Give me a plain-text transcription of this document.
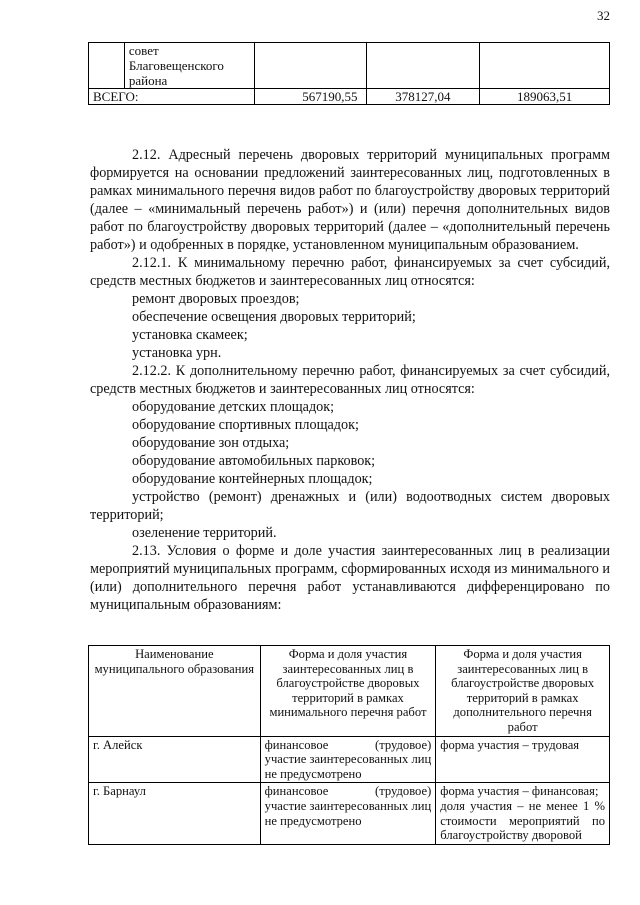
32

	совет
Благовещенского
района			

ВСЕГО:		567190,55	378127,04	189063,51

2.12. Адресный перечень дворовых территорий муниципальных программ формируется на основании предложений заинтересованных лиц, подготовленных в рамках минимального перечня видов работ по благоустройству дворовых территорий (далее – «минимальный перечень работ») и (или) перечня дополнительных видов работ по благоустройству дворовых территорий (далее – «дополнительный перечень работ») и одобренных в порядке, установленном муниципальным образованием.

2.12.1. К минимальному перечню работ, финансируемых за счет субсидий, средств местных бюджетов и заинтересованных лиц относятся:

ремонт дворовых проездов;

обеспечение освещения дворовых территорий;

установка скамеек;

установка урн.

2.12.2. К дополнительному перечню работ, финансируемых за счет субсидий, средств местных бюджетов и заинтересованных лиц относятся:

оборудование детских площадок;

оборудование спортивных площадок;

оборудование зон отдыха;

оборудование автомобильных парковок;

оборудование контейнерных площадок;

устройство (ремонт) дренажных и (или) водоотводных систем дворовых территорий;

озеленение территорий.

2.13. Условия о форме и доле участия заинтересованных лиц в реализации мероприятий муниципальных программ, сформированных исходя из минимального и (или) дополнительного перечня работ устанавливаются дифференцировано по муниципальным образованиям:

Наименование муниципального образования	Форма и доля участия заинтересованных лиц в благоустройстве дворовых территорий в рамках минимального перечня работ	Форма и доля участия заинтересованных лиц в благоустройстве дворовых территорий в рамках дополнительного перечня работ
г. Алейск	финансовое (трудовое) участие заинтересованных лиц не предусмотрено	форма участия – трудовая

г. Барнаул	финансовое (трудовое) участие заинтересованных лиц не предусмотрено	форма участия – финансовая;
доля участия – не менее 1 % стоимости мероприятий по благоустройству дворовой
